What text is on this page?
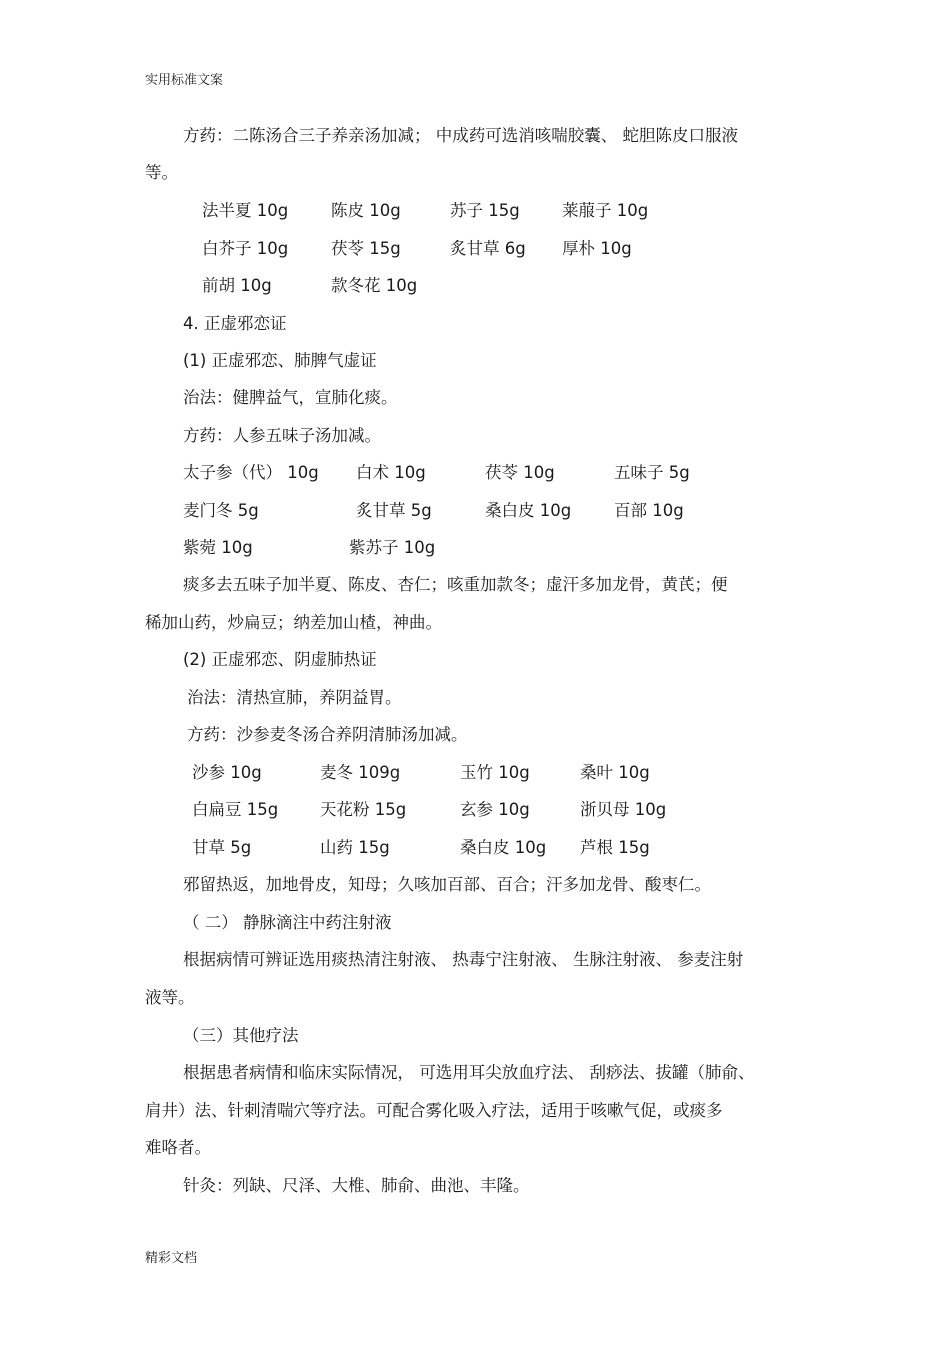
实用标准文案
方药：二陈汤合三子养亲汤加减； 中成药可选消咳喘胶囊、 蛇胆陈皮口服液
等。
法半夏 10g	陈皮 10g	苏子 15g	莱菔子 10g
白芥子 10g	茯苓 15g	炙甘草 6g 厚朴 10g
前胡 10g	款冬花 10g
4. 正虚邪恋证
(1) 正虚邪恋、肺脾气虚证
治法：健脾益气，宣肺化痰。
方药：人参五味子汤加减。
太子参（代） 10g 白术 10g	茯苓 10g	五味子 5g
麦门冬 5g	炙甘草 5g	桑白皮 10g	百部 10g
紫菀 10g	紫苏子 10g
痰多去五味子加半夏、陈皮、杏仁；咳重加款冬；虚汗多加龙骨，黄芪；便
稀加山药，炒扁豆；纳差加山楂，神曲。
(2) 正虚邪恋、阴虚肺热证
治法：清热宣肺，养阴益胃。
方药：沙参麦冬汤合养阴清肺汤加减。
沙参 10g	麦冬 109g	玉竹 10g	桑叶 10g
白扁豆 15g	天花粉 15g	玄参 10g	浙贝母 10g
甘草 5g	山药 15g	桑白皮 10g 芦根 15g
邪留热返，加地骨皮，知母；久咳加百部、百合；汗多加龙骨、酸枣仁。
（ 二） 静脉滴注中药注射液
根据病情可辨证选用痰热清注射液、 热毒宁注射液、 生脉注射液、 参麦注射
液等。
（三）其他疗法
根据患者病情和临床实际情况， 可选用耳尖放血疗法、 刮痧法、拔罐（肺俞、
肩井）法、针刺清喘穴等疗法。可配合雾化吸入疗法，适用于咳嗽气促，或痰多
难咯者。
针灸：列缺、尺泽、大椎、肺俞、曲池、丰隆。
精彩文档
